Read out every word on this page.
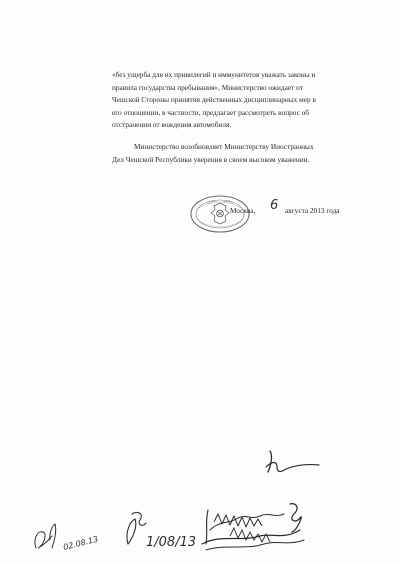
«без ущерба для их привилегий и иммунитетов уважать законы и
правила государства пребывания», Министерство ожидает от
Чешской Стороны принятия действенных дисциплинарных мер в
его отношении, в частности, предлагает рассмотреть вопрос об
отстранении от вождения автомобиля.

Министерство возобновляет Министерству Иностранных
Дел Чешской Республики уверения в своем высоком уважении.

Москва, 6 августа 2013 года
02.08.13	1/08/13
